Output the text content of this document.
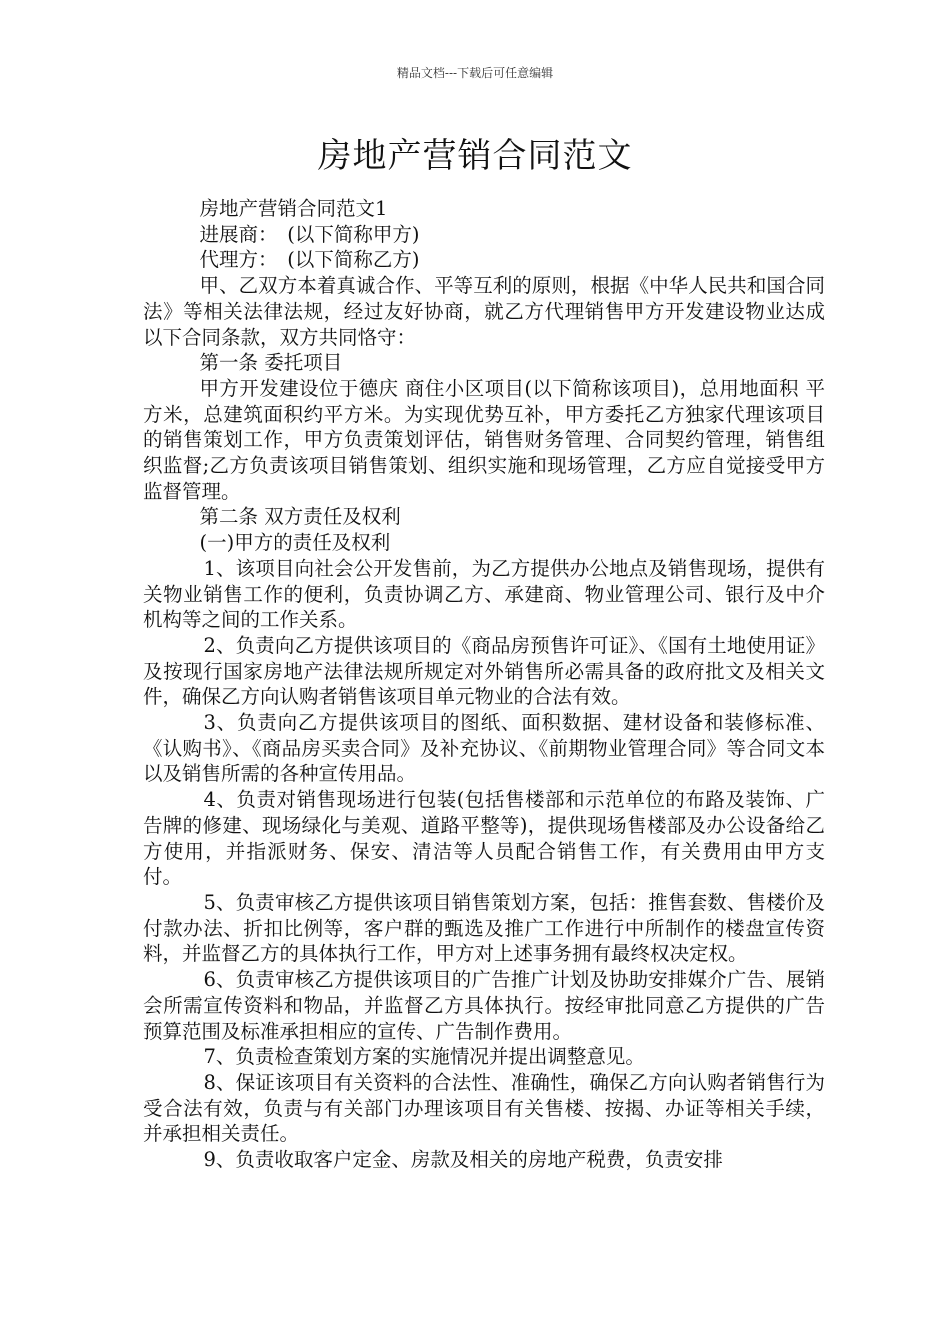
精品文档---下载后可任意编辑
房地产营销合同范文

房地产营销合同范文1

进展商：　(以下简称甲方)

代理方：　(以下简称乙方)

甲、乙双方本着真诚合作、平等互利的原则，根据《中华人民共和国合同法》等相关法律法规，经过友好协商，就乙方代理销售甲方开发建设物业达成以下合同条款，双方共同恪守：

第一条 委托项目

甲方开发建设位于德庆 商住小区项目(以下简称该项目)，总用地面积 平方米，总建筑面积约平方米。为实现优势互补，甲方委托乙方独家代理该项目的销售策划工作，甲方负责策划评估，销售财务管理、合同契约管理，销售组织监督;乙方负责该项目销售策划、组织实施和现场管理，乙方应自觉接受甲方监督管理。

第二条 双方责任及权利

(一)甲方的责任及权利

1、该项目向社会公开发售前，为乙方提供办公地点及销售现场，提供有关物业销售工作的便利，负责协调乙方、承建商、物业管理公司、银行及中介机构等之间的工作关系。

2、负责向乙方提供该项目的《商品房预售许可证》、《国有土地使用证》及按现行国家房地产法律法规所规定对外销售所必需具备的政府批文及相关文件，确保乙方向认购者销售该项目单元物业的合法有效。

3、负责向乙方提供该项目的图纸、面积数据、建材设备和装修标准、《认购书》、《商品房买卖合同》及补充协议、《前期物业管理合同》等合同文本以及销售所需的各种宣传用品。

4、负责对销售现场进行包装(包括售楼部和示范单位的布路及装饰、广告牌的修建、现场绿化与美观、道路平整等)，提供现场售楼部及办公设备给乙方使用，并指派财务、保安、清洁等人员配合销售工作，有关费用由甲方支付。

5、负责审核乙方提供该项目销售策划方案，包括：推售套数、售楼价及付款办法、折扣比例等，客户群的甄选及推广工作进行中所制作的楼盘宣传资料，并监督乙方的具体执行工作，甲方对上述事务拥有最终权决定权。

6、负责审核乙方提供该项目的广告推广计划及协助安排媒介广告、展销会所需宣传资料和物品，并监督乙方具体执行。按经审批同意乙方提供的广告预算范围及标准承担相应的宣传、广告制作费用。

7、负责检查策划方案的实施情况并提出调整意见。

8、保证该项目有关资料的合法性、准确性，确保乙方向认购者销售行为受合法有效，负责与有关部门办理该项目有关售楼、按揭、办证等相关手续，并承担相关责任。

9、负责收取客户定金、房款及相关的房地产税费，负责安排
